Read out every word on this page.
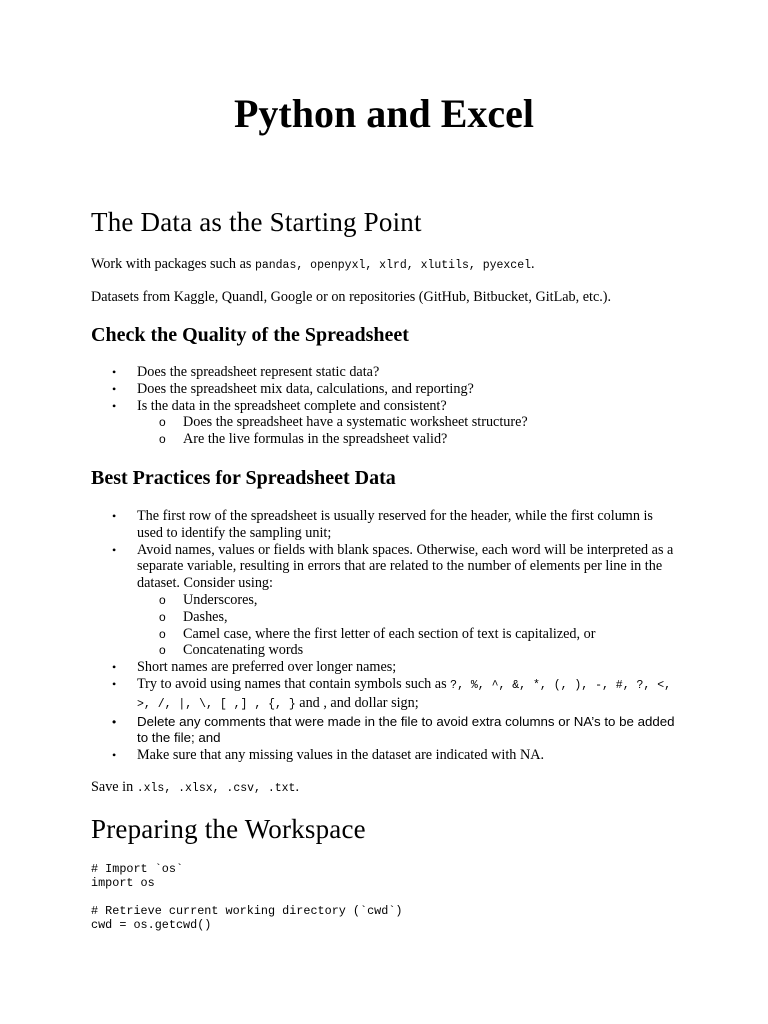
Python and Excel
The Data as the Starting Point

Work with packages such as pandas, openpyxl, xlrd, xlutils, pyexcel.

Datasets from Kaggle, Quandl, Google or on repositories (GitHub, Bitbucket, GitLab, etc.).

Check the Quality of the Spreadsheet
• Does the spreadsheet represent static data?
• Does the spreadsheet mix data, calculations, and reporting?
• Is the data in the spreadsheet complete and consistent?
o Does the spreadsheet have a systematic worksheet structure?
o Are the live formulas in the spreadsheet valid?
Best Practices for Spreadsheet Data
• The first row of the spreadsheet is usually reserved for the header, while the first column is used to identify the sampling unit;
• Avoid names, values or fields with blank spaces. Otherwise, each word will be interpreted as a separate variable, resulting in errors that are related to the number of elements per line in the dataset. Consider using:
o Underscores,
o Dashes,
o Camel case, where the first letter of each section of text is capitalized, or
o Concatenating words
• Short names are preferred over longer names;
• Try to avoid using names that contain symbols such as ?, %, ^, &, *, (, ), -, #, ?, <, >, /, |, \, [ ,] , {, } and , and dollar sign;
• Delete any comments that were made in the file to avoid extra columns or NA’s to be added to the file; and
• Make sure that any missing values in the dataset are indicated with NA.

Save in .xls, .xlsx, .csv, .txt.

Preparing the Workspace
# Import `os`
import os
# Retrieve current working directory (`cwd`)
cwd = os.getcwd()
